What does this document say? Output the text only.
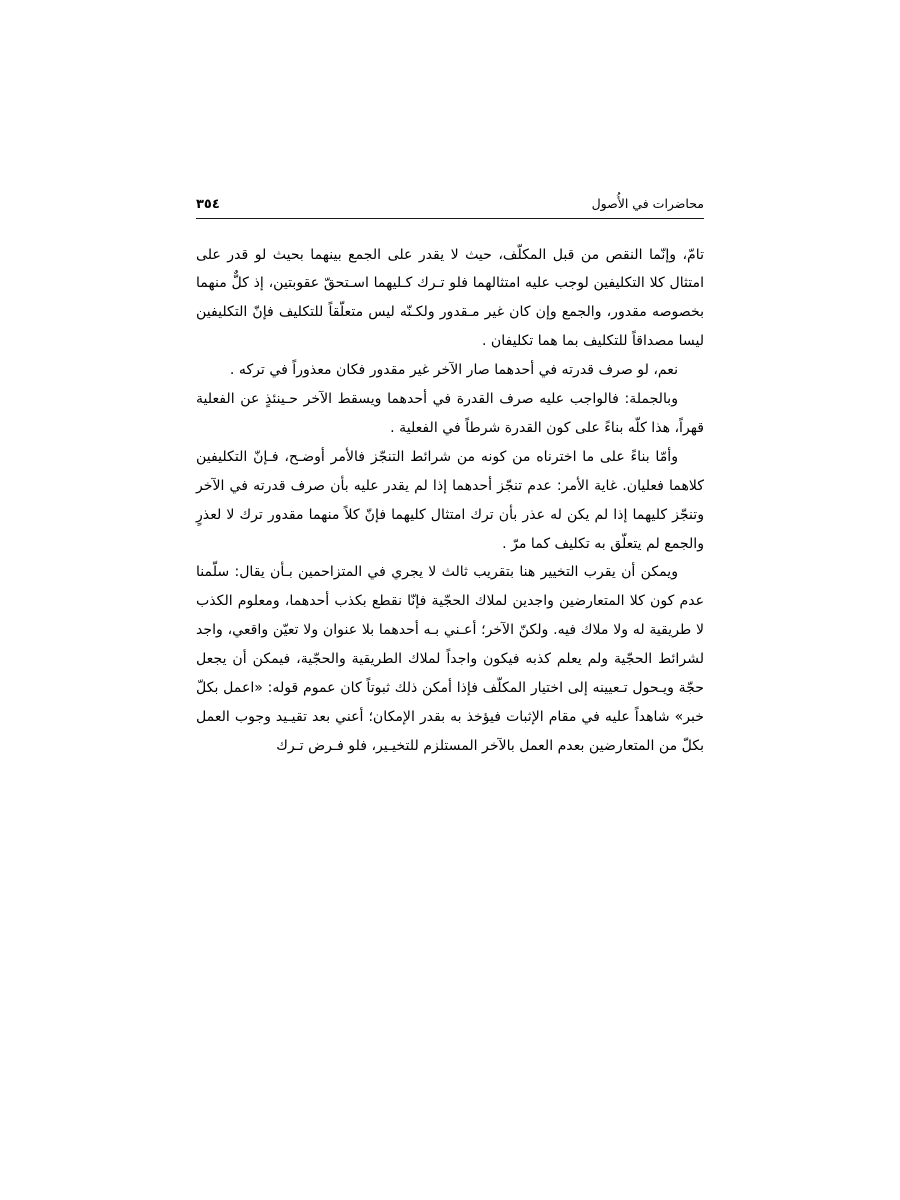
محاضرات في الأُصول
٣٥٤

تامّ، وإنّما النقص من قبل المكلّف، حيث لا يقدر على الجمع بينهما بحيث لو قدر على امتثال كلا التكليفين لوجب عليه امتثالهما فلو تـرك كـليهما اسـتحقّ عقوبتين، إذ كلٌّ منهما بخصوصه مقدور، والجمع وإن كان غير مـقدور ولكـنّه ليس متعلّقاً للتكليف فإنّ التكليفين ليسا مصداقاً للتكليف بما هما تكليفان .

نعم، لو صرف قدرته في أحدهما صار الآخر غير مقدور فكان معذوراً في تركه .

وبالجملة: فالواجب عليه صرف القدرة في أحدهما ويسقط الآخر حـينئذٍ عن الفعلية قهراً، هذا كلّه بناءً على كون القدرة شرطاً في الفعلية .

وأمّا بناءً على ما اخترناه من كونه من شرائط التنجّز فالأمر أوضـح، فـإنّ التكليفين كلاهما فعليان. غاية الأمر: عدم تنجّز أحدهما إذا لم يقدر عليه بأن صرف قدرته في الآخر وتنجّز كليهما إذا لم يكن له عذر بأن ترك امتثال كليهما فإنّ كلاً منهما مقدور ترك لا لعذرٍ والجمع لم يتعلّق به تكليف كما مرّ .

ويمكن أن يقرب التخيير هنا بتقريب ثالث لا يجري في المتزاحمين بـأن يقال: سلّمنا عدم كون كلا المتعارضين واجدين لملاك الحجّية فإنّا نقطع بكذب أحدهما، ومعلوم الكذب لا طريقية له ولا ملاك فيه. ولكنّ الآخر؛ أعـني بـه أحدهما بلا عنوان ولا تعيّن واقعي، واجد لشرائط الحجّية ولم يعلم كذبه فيكون واجداً لملاك الطريقية والحجّية، فيمكن أن يجعل حجّة ويـحول تـعيينه إلى اختيار المكلّف فإذا أمكن ذلك ثبوتاً كان عموم قوله: «اعمل بكلّ خبر» شاهداً عليه في مقام الإثبات فيؤخذ به بقدر الإمكان؛ أعني بعد تقيـيد وجوب العمل بكلّ من المتعارضين بعدم العمل بالآخر المستلزم للتخيـير، فلو فـرض تـرك
